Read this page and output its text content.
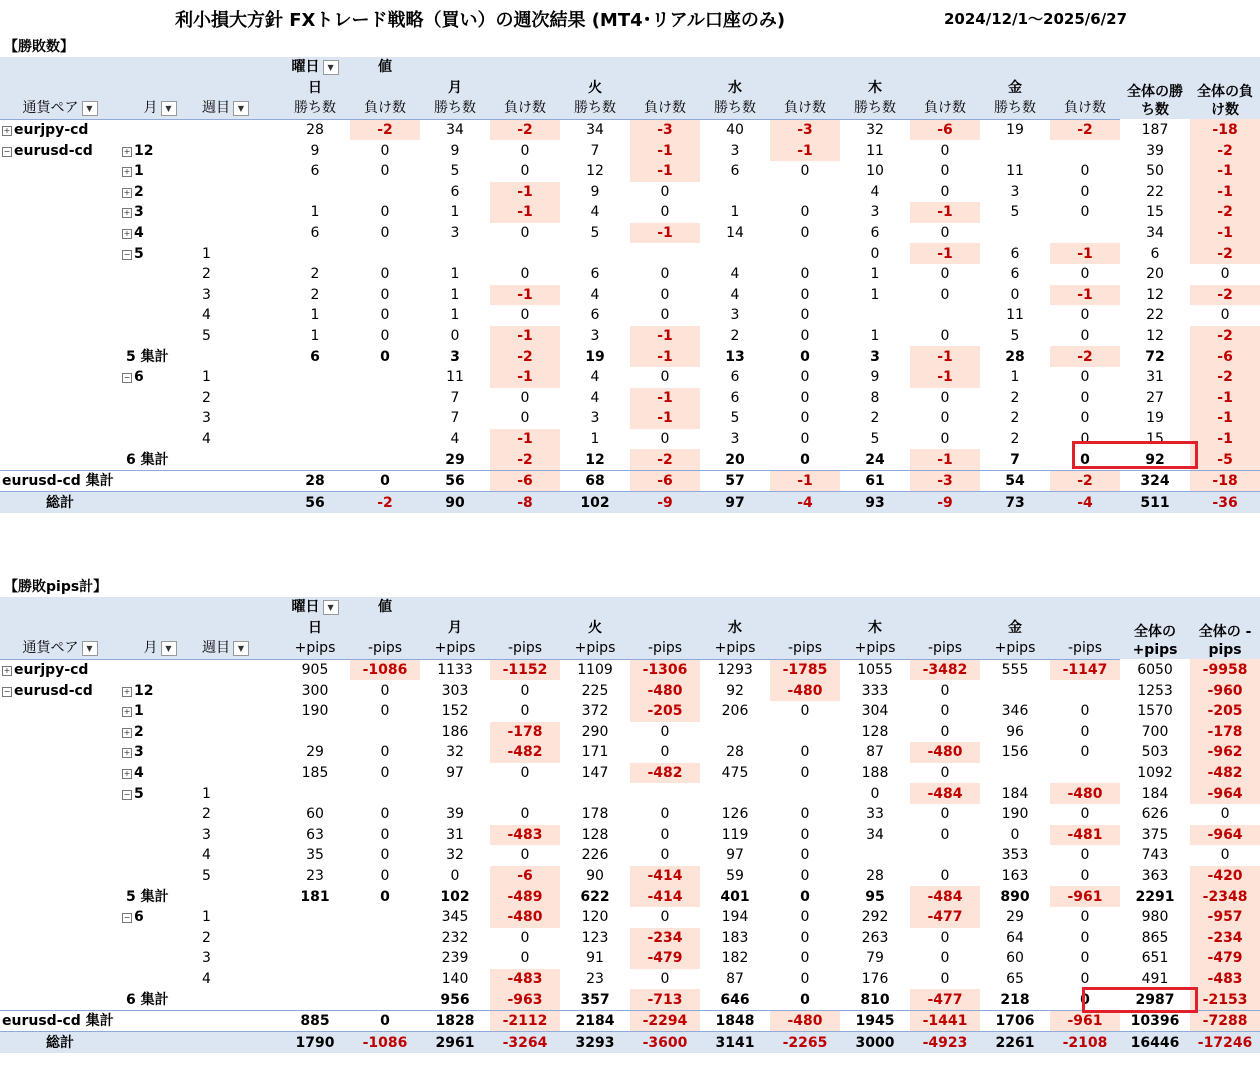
利小損大方針 FXトレード戦略（買い）の週次結果 (MT4･リアル口座のみ)	2024/12/1～2025/6/27
【勝敗数】
			曜日 ▼	値												
			日		月		火		水		木		金		全体の勝ち数	全体の負け数
通貨ペア ▼	月 ▼	週目 ▼	勝ち数	負け数	勝ち数	負け数	勝ち数	負け数	勝ち数	負け数	勝ち数	負け数	勝ち数	負け数		
+ eurjpy-cd			28	-2	34	-2	34	-3	40	-3	32	-6	19	-2	187	-18
− eurusd-cd	+ 12		9	0	9	0	7	-1	3	-1	11	0			39	-2
	+ 1		6	0	5	0	12	-1	6	0	10	0	11	0	50	-1
	+ 2				6	-1	9	0			4	0	3	0	22	-1
	+ 3		1	0	1	-1	4	0	1	0	3	-1	5	0	15	-2
	+ 4		6	0	3	0	5	-1	14	0	6	0			34	-1
	− 5	1									0	-1	6	-1	6	-2
		2	2	0	1	0	6	0	4	0	1	0	6	0	20	0
		3	2	0	1	-1	4	0	4	0	1	0	0	-1	12	-2
		4	1	0	1	0	6	0	3	0			11	0	22	0
		5	1	0	0	-1	3	-1	2	0	1	0	5	0	12	-2
	5 集計		6	0	3	-2	19	-1	13	0	3	-1	28	-2	72	-6
	− 6	1			11	-1	4	0	6	0	9	-1	1	0	31	-2
		2			7	0	4	-1	6	0	8	0	2	0	27	-1
		3			7	0	3	-1	5	0	2	0	2	0	19	-1
		4			4	-1	1	0	3	0	5	0	2	0	15	-1
	6 集計				29	-2	12	-2	20	0	24	-1	7	0	92	-5
eurusd-cd 集計			28	0	56	-6	68	-6	57	-1	61	-3	54	-2	324	-18
総計			56	-2	90	-8	102	-9	97	-4	93	-9	73	-4	511	-36
【勝敗pips計】
			曜日 ▼	値												
			日		月		火		水		木		金		全体の+pips	全体の - pips
通貨ペア ▼	月 ▼	週目 ▼	+pips	-pips	+pips	-pips	+pips	-pips	+pips	-pips	+pips	-pips	+pips	-pips		
+ eurjpy-cd			905	-1086	1133	-1152	1109	-1306	1293	-1785	1055	-3482	555	-1147	6050	-9958
− eurusd-cd	+ 12		300	0	303	0	225	-480	92	-480	333	0			1253	-960
	+ 1		190	0	152	0	372	-205	206	0	304	0	346	0	1570	-205
	+ 2				186	-178	290	0			128	0	96	0	700	-178
	+ 3		29	0	32	-482	171	0	28	0	87	-480	156	0	503	-962
	+ 4		185	0	97	0	147	-482	475	0	188	0			1092	-482
	− 5	1									0	-484	184	-480	184	-964
		2	60	0	39	0	178	0	126	0	33	0	190	0	626	0
		3	63	0	31	-483	128	0	119	0	34	0	0	-481	375	-964
		4	35	0	32	0	226	0	97	0			353	0	743	0
		5	23	0	0	-6	90	-414	59	0	28	0	163	0	363	-420
	5 集計		181	0	102	-489	622	-414	401	0	95	-484	890	-961	2291	-2348
	− 6	1			345	-480	120	0	194	0	292	-477	29	0	980	-957
		2			232	0	123	-234	183	0	263	0	64	0	865	-234
		3			239	0	91	-479	182	0	79	0	60	0	651	-479
		4			140	-483	23	0	87	0	176	0	65	0	491	-483
	6 集計				956	-963	357	-713	646	0	810	-477	218	0	2987	-2153
eurusd-cd 集計			885	0	1828	-2112	2184	-2294	1848	-480	1945	-1441	1706	-961	10396	-7288
総計			1790	-1086	2961	-3264	3293	-3600	3141	-2265	3000	-4923	2261	-2108	16446	-17246
